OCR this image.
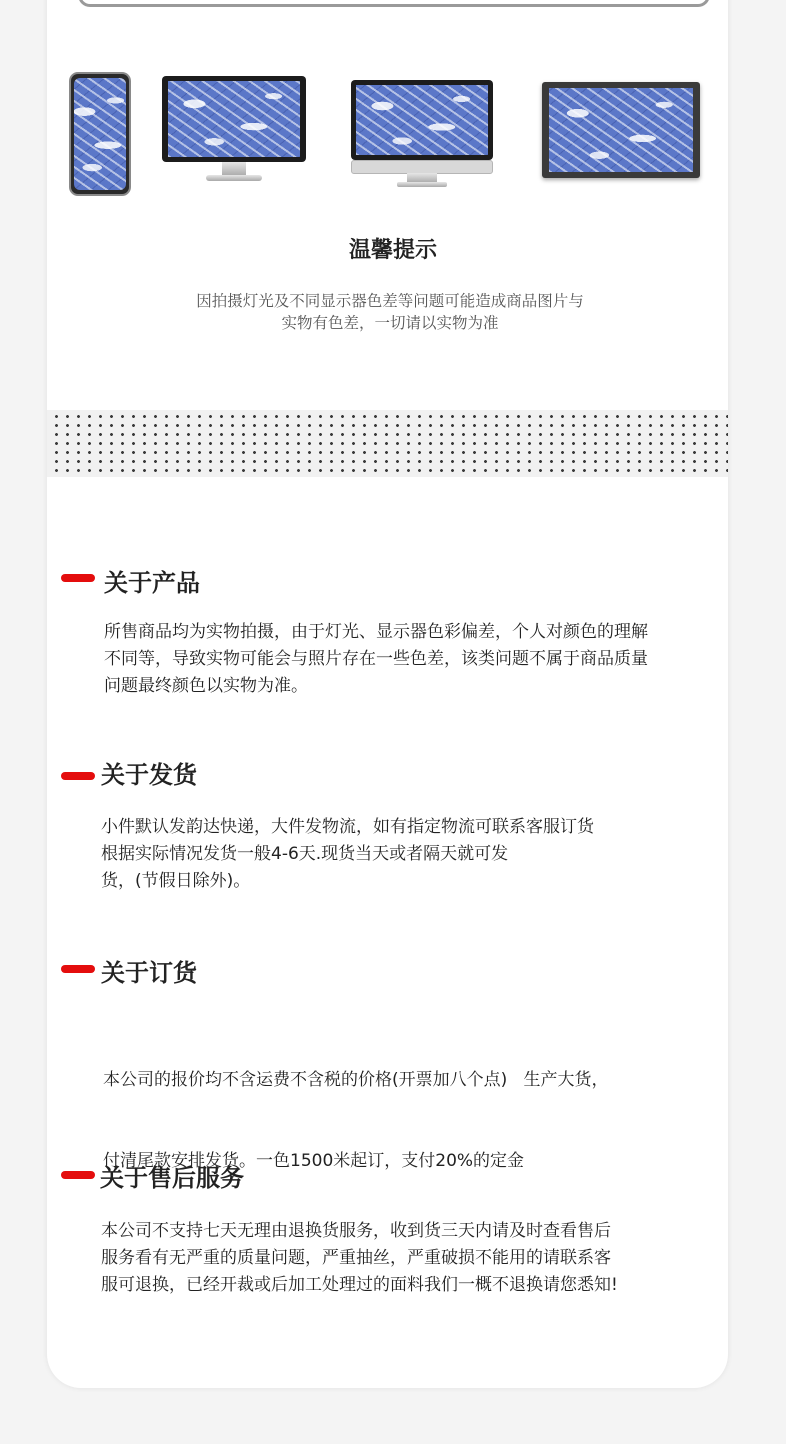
温馨提示
因拍摄灯光及不同显示器色差等问题可能造成商品图片与
实物有色差，一切请以实物为准
关于产品
所售商品均为实物拍摄，由于灯光、显示器色彩偏差，个人对颜色的理解
不同等，导致实物可能会与照片存在一些色差，该类问题不属于商品质量
问题最终颜色以实物为准。
关于发货
小件默认发韵达快递，大件发物流，如有指定物流可联系客服订货
根据实际情况发货一般4-6天.现货当天或者隔天就可发
货，(节假日除外)。
关于订货

本公司的报价均不含运费不含税的价格(开票加八个点)   生产大货，

付清尾款安排发货。一色1500米起订，支付20%的定金

关于售后服务
本公司不支持七天无理由退换货服务，收到货三天内请及时查看售后
服务看有无严重的质量问题，严重抽丝，严重破损不能用的请联系客
服可退换，已经开裁或后加工处理过的面料我们一概不退换请您悉知!
